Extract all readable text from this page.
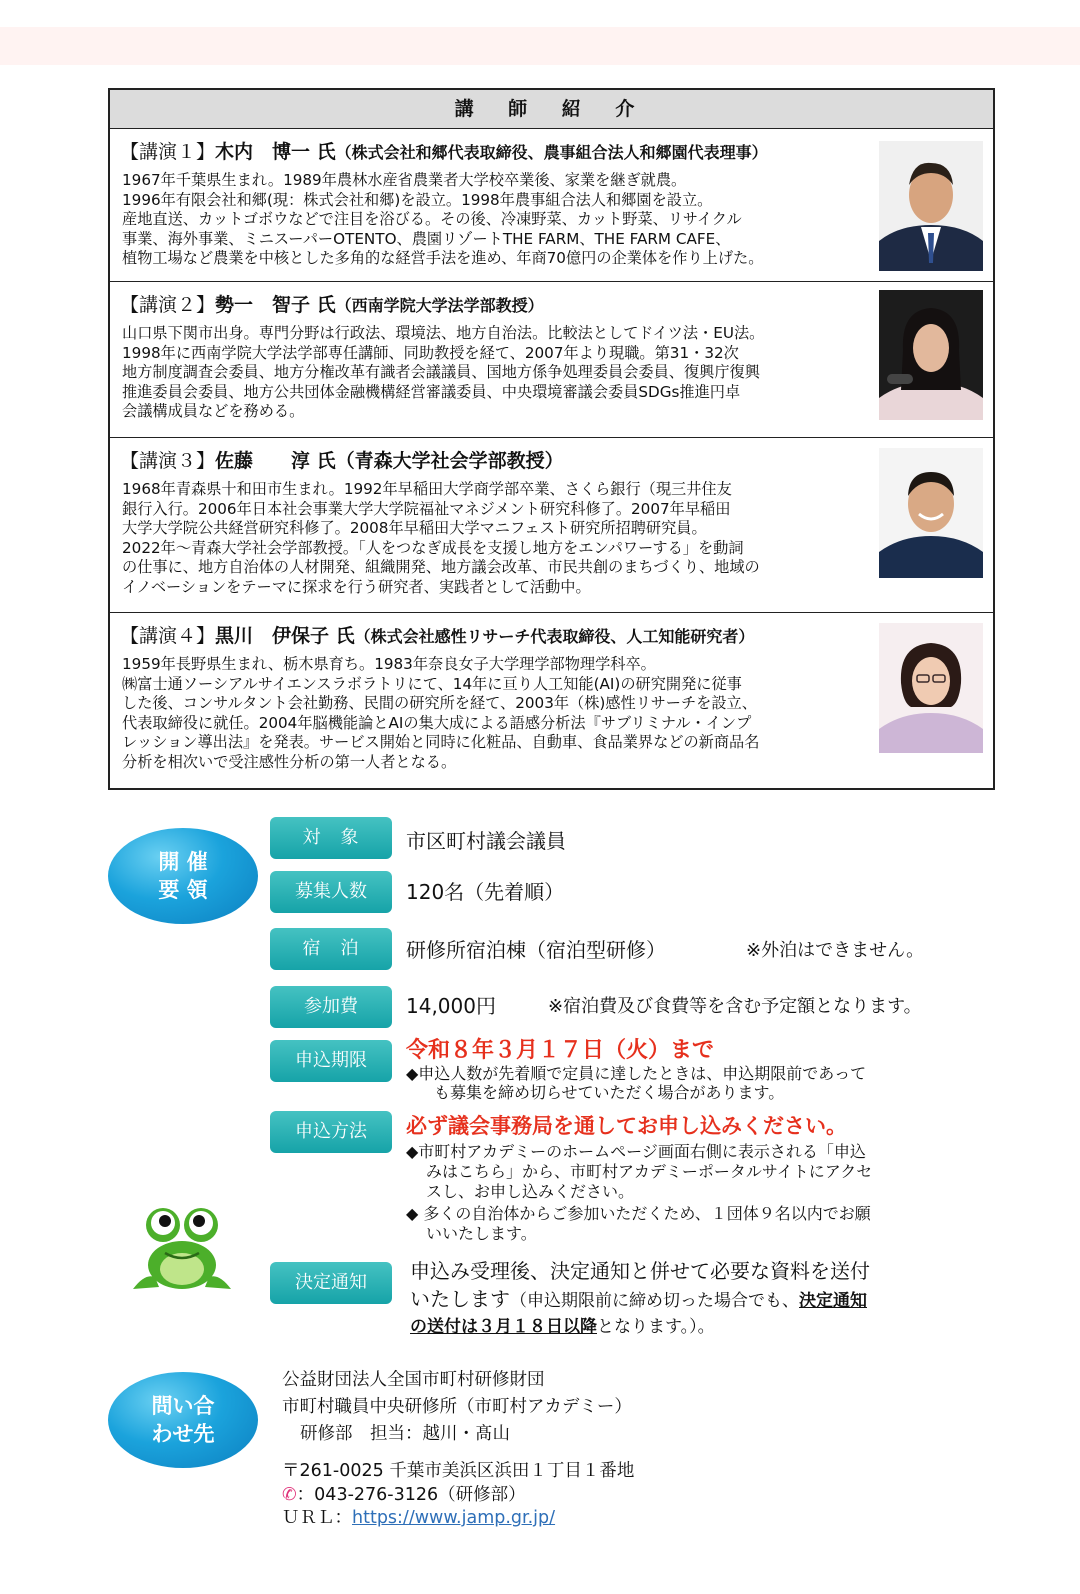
講 師 紹 介
【講演１】木内　博一 氏（株式会社和郷代表取締役、農事組合法人和郷園代表理事）
1967年千葉県生まれ。1989年農林水産省農業者大学校卒業後、家業を継ぎ就農。
1996年有限会社和郷(現：株式会社和郷)を設立。1998年農事組合法人和郷園を設立。
産地直送、カットゴボウなどで注目を浴びる。その後、冷凍野菜、カット野菜、リサイクル
事業、海外事業、ミニスーパーOTENTO、農園リゾートTHE FARM、THE FARM CAFE、
植物工場など農業を中核とした多角的な経営手法を進め、年商70億円の企業体を作り上げた。
【講演２】勢一　智子 氏（西南学院大学法学部教授）
山口県下関市出身。専門分野は行政法、環境法、地方自治法。比較法としてドイツ法・EU法。
1998年に西南学院大学法学部専任講師、同助教授を経て、2007年より現職。第31・32次
地方制度調査会委員、地方分権改革有識者会議議員、国地方係争処理委員会委員、復興庁復興
推進委員会委員、地方公共団体金融機構経営審議委員、中央環境審議会委員SDGs推進円卓
会議構成員などを務める。
【講演３】佐藤　　淳 氏（青森大学社会学部教授）
1968年青森県十和田市生まれ。1992年早稲田大学商学部卒業、さくら銀行（現三井住友
銀行入行。2006年日本社会事業大学大学院福祉マネジメント研究科修了。2007年早稲田
大学大学院公共経営研究科修了。2008年早稲田大学マニフェスト研究所招聘研究員。
2022年～青森大学社会学部教授。「人をつなぎ成長を支援し地方をエンパワーする」を動詞
の仕事に、地方自治体の人材開発、組織開発、地方議会改革、市民共創のまちづくり、地域の
イノベーションをテーマに探求を行う研究者、実践者として活動中。
【講演４】黒川　伊保子 氏（株式会社感性リサーチ代表取締役、人工知能研究者）
1959年長野県生まれ、栃木県育ち。1983年奈良女子大学理学部物理学科卒。
㈱富士通ソーシアルサイエンスラボラトリにて、14年に亘り人工知能(AI)の研究開発に従事
した後、コンサルタント会社勤務、民間の研究所を経て、2003年（株)感性リサーチを設立、
代表取締役に就任。2004年脳機能論とAIの集大成による語感分析法『サブリミナル・インプ
レッション導出法』を発表。サービス開始と同時に化粧品、自動車、食品業界などの新商品名
分析を相次いで受注感性分析の第一人者となる。
開 催
要 領
対　象	市区町村議会議員
募集人数	120名（先着順）
宿　泊	研修所宿泊棟（宿泊型研修）	※外泊はできません。
参加費	14,000円	※宿泊費及び食費等を含む予定額となります。
申込期限	令和８年３月１７日（火）まで
◆申込人数が先着順で定員に達したときは、申込期限前であって
も募集を締め切らせていただく場合があります。
申込方法	必ず議会事務局を通してお申し込みください。
◆市町村アカデミーのホームページ画面右側に表示される「申込
みはこちら」から、市町村アカデミーポータルサイトにアクセ
スし、お申し込みください。
◆ 多くの自治体からご参加いただくため、１団体９名以内でお願
いいたします。
決定通知	申込み受理後、決定通知と併せて必要な資料を送付
いたします（申込期限前に締め切った場合でも、決定通知
の送付は３月１８日以降となります。）。
問い合
わせ先
公益財団法人全国市町村研修財団
市町村職員中央研修所（市町村アカデミー）
研修部　担当：越川・髙山
〒261-0025 千葉市美浜区浜田１丁目１番地
✆：043-276-3126（研修部）
ＵＲＬ：https://www.jamp.gr.jp/
